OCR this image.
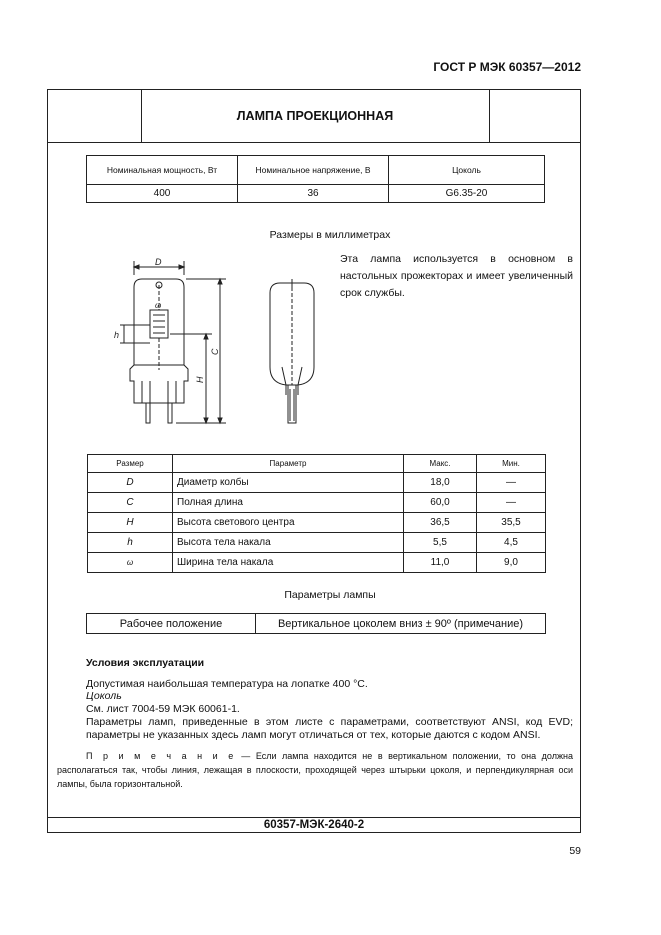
ГОСТ Р МЭК 60357—2012
ЛАМПА ПРОЕКЦИОННАЯ
60357-МЭК-2640-2
Номинальная мощность, Вт	Номинальное напряжение, В	Цоколь
400	36	G6.35-20
Размеры в миллиметрах
Эта лампа используется в основном в настольных прожекторах и имеет увеличенный срок службы.
D
ω
h
C
H
Размер	Параметр	Макс.	Мин.
D	Диаметр колбы	18,0	—
C	Полная длина	60,0	—
H	Высота светового центра	36,5	35,5
h	Высота тела накала	5,5	4,5
ω	Ширина тела накала	11,0	9,0
Параметры лампы
Рабочее положение	Вертикальное цоколем вниз ± 90º (примечание)
Условия эксплуатации
Допустимая наибольшая температура на лопатке 400 °С.
Цоколь
См. лист 7004-59 МЭК 60061-1.
Параметры ламп, приведенные в этом листе с параметрами, соответствуют ANSI, код EVD; параметры не указанных здесь ламп могут отличаться от тех, которые даются с кодом ANSI.
П р и м е ч а н и е — Если лампа находится не в вертикальном положении, то она должна располагаться так, чтобы линия, лежащая в плоскости, проходящей через штырьки цоколя, и перпендикулярная оси лампы, была горизонтальной.
59
